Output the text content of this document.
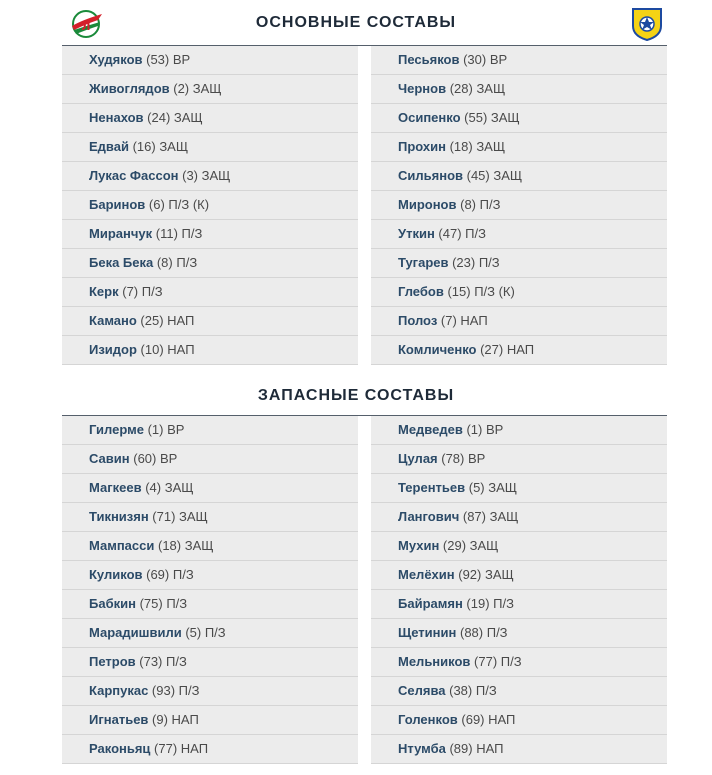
Л	ОСНОВНЫЕ СОСТАВЫ
Худяков (53) ВР
Живоглядов (2) ЗАЩ
Ненахов (24) ЗАЩ
Едвай (16) ЗАЩ
Лукас Фассон (3) ЗАЩ
Баринов (6) П/З (К)
Миранчук (11) П/З
Бека Бека (8) П/З
Керк (7) П/З
Камано (25) НАП
Изидор (10) НАП
Песьяков (30) ВР
Чернов (28) ЗАЩ
Осипенко (55) ЗАЩ
Прохин (18) ЗАЩ
Сильянов (45) ЗАЩ
Миронов (8) П/З
Уткин (47) П/З
Тугарев (23) П/З
Глебов (15) П/З (К)
Полоз (7) НАП
Комличенко (27) НАП
ЗАПАСНЫЕ СОСТАВЫ
Гилерме (1) ВР
Савин (60) ВР
Магкеев (4) ЗАЩ
Тикнизян (71) ЗАЩ
Мампасси (18) ЗАЩ
Куликов (69) П/З
Бабкин (75) П/З
Марадишвили (5) П/З
Петров (73) П/З
Карпукас (93) П/З
Игнатьев (9) НАП
Раконьяц (77) НАП
Медведев (1) ВР
Цулая (78) ВР
Терентьев (5) ЗАЩ
Лангович (87) ЗАЩ
Мухин (29) ЗАЩ
Мелёхин (92) ЗАЩ
Байрамян (19) П/З
Щетинин (88) П/З
Мельников (77) П/З
Селява (38) П/З
Голенков (69) НАП
Нтумба (89) НАП
